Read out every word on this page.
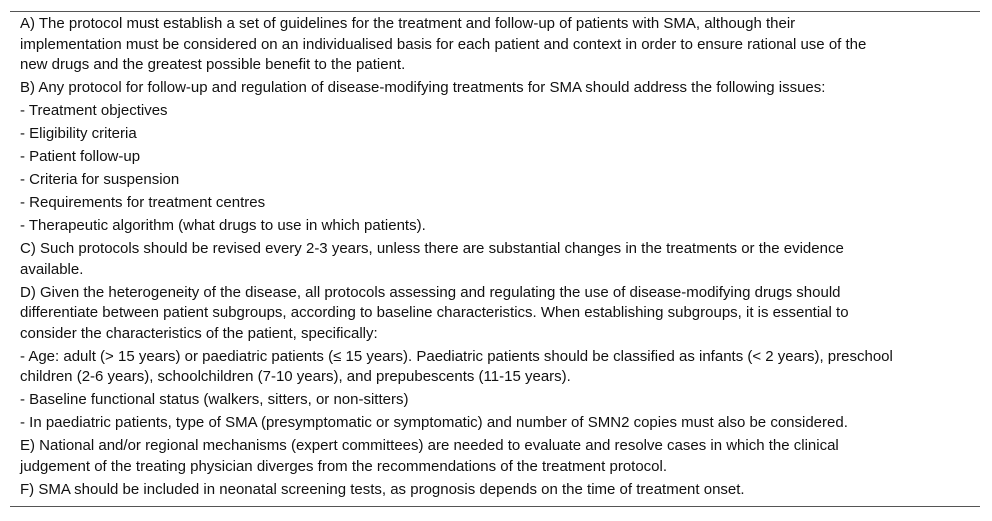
A) The protocol must establish a set of guidelines for the treatment and follow-up of patients with SMA, although their

implementation must be considered on an individualised basis for each patient and context in order to ensure rational use of the

new drugs and the greatest possible benefit to the patient.

B) Any protocol for follow-up and regulation of disease-modifying treatments for SMA should address the following issues:

- Treatment objectives

- Eligibility criteria

- Patient follow-up

- Criteria for suspension

- Requirements for treatment centres

- Therapeutic algorithm (what drugs to use in which patients).

C) Such protocols should be revised every 2-3 years, unless there are substantial changes in the treatments or the evidence

available.

D) Given the heterogeneity of the disease, all protocols assessing and regulating the use of disease-modifying drugs should

differentiate between patient subgroups, according to baseline characteristics. When establishing subgroups, it is essential to

consider the characteristics of the patient, specifically:

- Age: adult (> 15 years) or paediatric patients (≤ 15 years). Paediatric patients should be classified as infants (< 2 years), preschool

children (2-6 years), schoolchildren (7-10 years), and prepubescents (11-15 years).

- Baseline functional status (walkers, sitters, or non-sitters)

- In paediatric patients, type of SMA (presymptomatic or symptomatic) and number of SMN2 copies must also be considered.

E) National and/or regional mechanisms (expert committees) are needed to evaluate and resolve cases in which the clinical

judgement of the treating physician diverges from the recommendations of the treatment protocol.

F) SMA should be included in neonatal screening tests, as prognosis depends on the time of treatment onset.
